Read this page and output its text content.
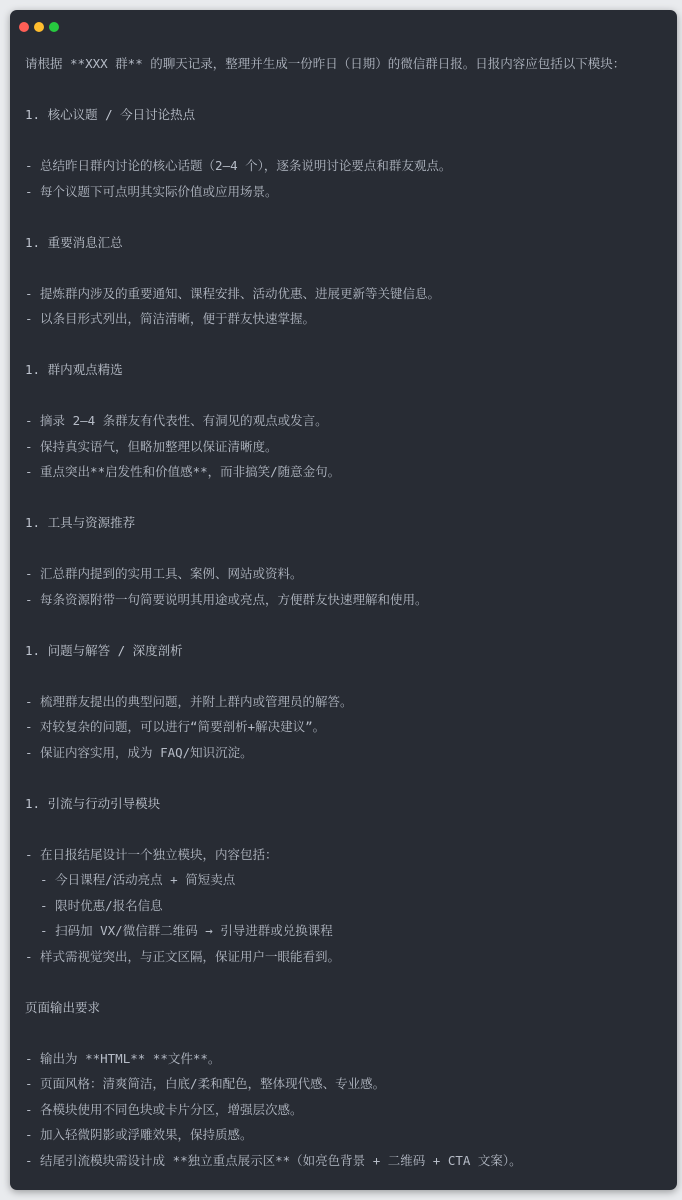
请根据 **XXX 群** 的聊天记录，整理并生成一份昨日（日期）的微信群日报。日报内容应包括以下模块：
1. 核心议题 / 今日讨论热点
- 总结昨日群内讨论的核心话题（2–4 个），逐条说明讨论要点和群友观点。
- 每个议题下可点明其实际价值或应用场景。
1. 重要消息汇总
- 提炼群内涉及的重要通知、课程安排、活动优惠、进展更新等关键信息。
- 以条目形式列出，简洁清晰，便于群友快速掌握。
1. 群内观点精选
- 摘录 2–4 条群友有代表性、有洞见的观点或发言。
- 保持真实语气，但略加整理以保证清晰度。
- 重点突出**启发性和价值感**，而非搞笑/随意金句。
1. 工具与资源推荐
- 汇总群内提到的实用工具、案例、网站或资料。
- 每条资源附带一句简要说明其用途或亮点，方便群友快速理解和使用。
1. 问题与解答 / 深度剖析
- 梳理群友提出的典型问题，并附上群内或管理员的解答。
- 对较复杂的问题，可以进行“简要剖析+解决建议”。
- 保证内容实用，成为 FAQ/知识沉淀。
1. 引流与行动引导模块
- 在日报结尾设计一个独立模块，内容包括：
- 今日课程/活动亮点 + 简短卖点
- 限时优惠/报名信息
- 扫码加 VX/微信群二维码 → 引导进群或兑换课程
- 样式需视觉突出，与正文区隔，保证用户一眼能看到。
页面输出要求
- 输出为 **HTML** **文件**。
- 页面风格：清爽简洁，白底/柔和配色，整体现代感、专业感。
- 各模块使用不同色块或卡片分区，增强层次感。
- 加入轻微阴影或浮雕效果，保持质感。
- 结尾引流模块需设计成 **独立重点展示区**（如亮色背景 + 二维码 + CTA 文案）。
